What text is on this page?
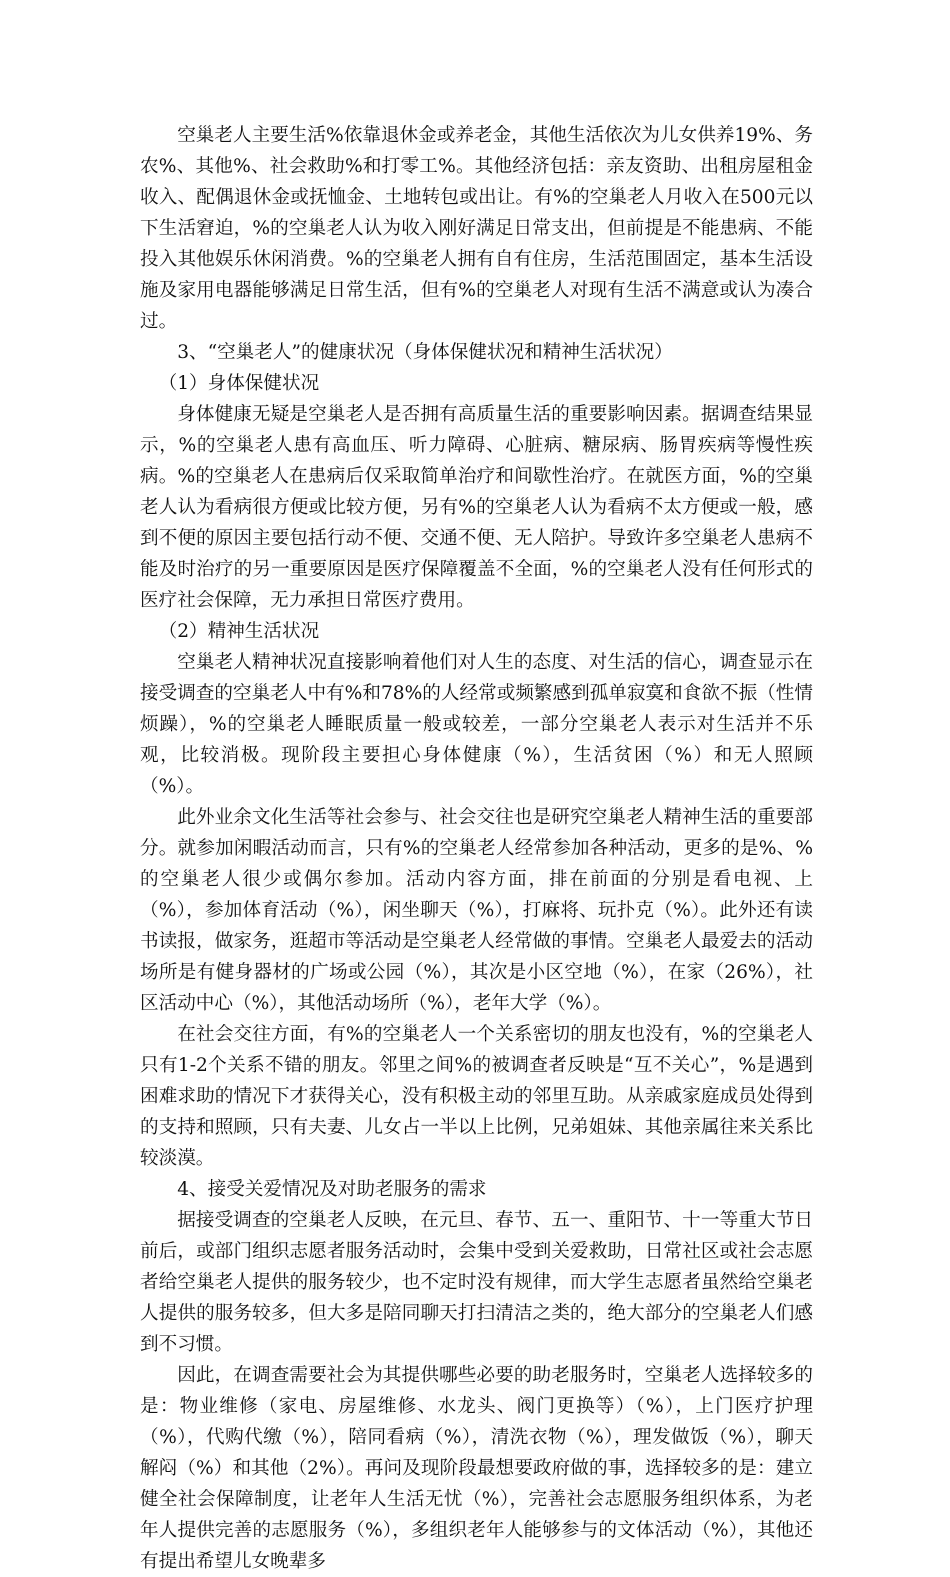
空巢老人主要生活%依靠退休金或养老金，其他生活依次为儿女供养19%、务农%、其他%、社会救助%和打零工%。其他经济包括：亲友资助、出租房屋租金收入、配偶退休金或抚恤金、土地转包或出让。有%的空巢老人月收入在500元以下生活窘迫，%的空巢老人认为收入刚好满足日常支出，但前提是不能患病、不能投入其他娱乐休闲消费。%的空巢老人拥有自有住房，生活范围固定，基本生活设施及家用电器能够满足日常生活，但有%的空巢老人对现有生活不满意或认为凑合过。

3、“空巢老人”的健康状况（身体保健状况和精神生活状况）

（1）身体保健状况

身体健康无疑是空巢老人是否拥有高质量生活的重要影响因素。据调查结果显示，%的空巢老人患有高血压、听力障碍、心脏病、糖尿病、肠胃疾病等慢性疾病。%的空巢老人在患病后仅采取简单治疗和间歇性治疗。在就医方面，%的空巢老人认为看病很方便或比较方便，另有%的空巢老人认为看病不太方便或一般，感到不便的原因主要包括行动不便、交通不便、无人陪护。导致许多空巢老人患病不能及时治疗的另一重要原因是医疗保障覆盖不全面，%的空巢老人没有任何形式的医疗社会保障，无力承担日常医疗费用。

（2）精神生活状况

空巢老人精神状况直接影响着他们对人生的态度、对生活的信心，调查显示在接受调查的空巢老人中有%和78%的人经常或频繁感到孤单寂寞和食欲不振（性情烦躁），%的空巢老人睡眠质量一般或较差，一部分空巢老人表示对生活并不乐观，比较消极。现阶段主要担心身体健康（%），生活贫困（%）和无人照顾（%）。

此外业余文化生活等社会参与、社会交往也是研究空巢老人精神生活的重要部分。就参加闲暇活动而言，只有%的空巢老人经常参加各种活动，更多的是%、%的空巢老人很少或偶尔参加。活动内容方面，排在前面的分别是看电视、上（%），参加体育活动（%），闲坐聊天（%），打麻将、玩扑克（%）。此外还有读书读报，做家务，逛超市等活动是空巢老人经常做的事情。空巢老人最爱去的活动场所是有健身器材的广场或公园（%），其次是小区空地（%），在家（26%），社区活动中心（%），其他活动场所（%），老年大学（%）。

在社会交往方面，有%的空巢老人一个关系密切的朋友也没有，%的空巢老人只有1-2个关系不错的朋友。邻里之间%的被调查者反映是“互不关心”，%是遇到困难求助的情况下才获得关心，没有积极主动的邻里互助。从亲戚家庭成员处得到的支持和照顾，只有夫妻、儿女占一半以上比例，兄弟姐妹、其他亲属往来关系比较淡漠。

4、接受关爱情况及对助老服务的需求

据接受调查的空巢老人反映，在元旦、春节、五一、重阳节、十一等重大节日前后，或部门组织志愿者服务活动时，会集中受到关爱救助，日常社区或社会志愿者给空巢老人提供的服务较少，也不定时没有规律，而大学生志愿者虽然给空巢老人提供的服务较多，但大多是陪同聊天打扫清洁之类的，绝大部分的空巢老人们感到不习惯。

因此，在调查需要社会为其提供哪些必要的助老服务时，空巢老人选择较多的是：物业维修（家电、房屋维修、水龙头、阀门更换等）（%），上门医疗护理（%），代购代缴（%），陪同看病（%），清洗衣物（%），理发做饭（%），聊天解闷（%）和其他（2%）。再问及现阶段最想要政府做的事，选择较多的是：建立健全社会保障制度，让老年人生活无忧（%），完善社会志愿服务组织体系，为老年人提供完善的志愿服务（%），多组织老年人能够参与的文体活动（%），其他还有提出希望儿女晚辈多
